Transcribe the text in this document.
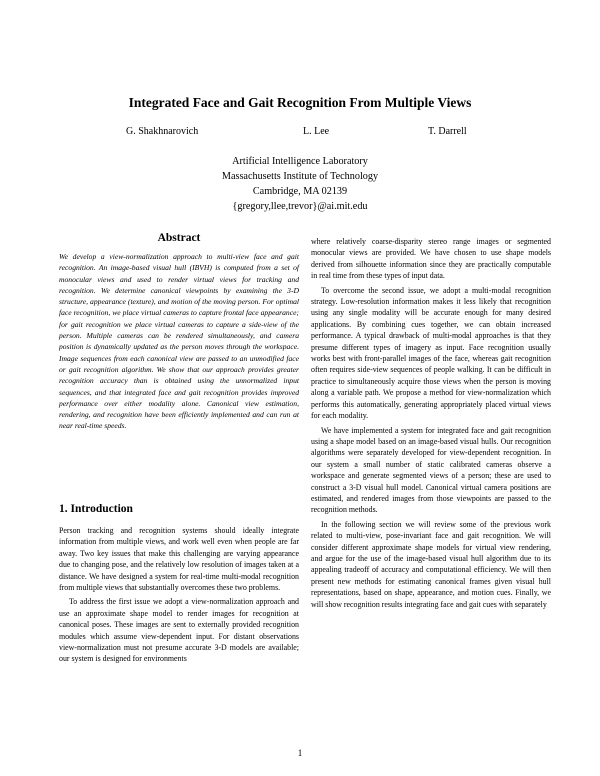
Integrated Face and Gait Recognition From Multiple Views
G. Shakhnarovich	L. Lee	T. Darrell
Artificial Intelligence Laboratory
Massachusetts Institute of Technology
Cambridge, MA 02139
{gregory,llee,trevor}@ai.mit.edu
Abstract
We develop a view-normalization approach to multi-view face and gait recognition. An image-based visual hull (IBVH) is computed from a set of monocular views and used to render virtual views for tracking and recognition. We determine canonical viewpoints by examining the 3-D structure, appearance (texture), and motion of the moving person. For optimal face recognition, we place virtual cameras to capture frontal face appearance; for gait recognition we place virtual cameras to capture a side-view of the person. Multiple cameras can be rendered simultaneously, and camera position is dynamically updated as the person moves through the workspace. Image sequences from each canonical view are passed to an unmodified face or gait recognition algorithm. We show that our approach provides greater recognition accuracy than is obtained using the unnormalized input sequences, and that integrated face and gait recognition provides improved performance over either modality alone. Canonical view estimation, rendering, and recognition have been efficiently implemented and can run at near real-time speeds.
1. Introduction

Person tracking and recognition systems should ideally integrate information from multiple views, and work well even when people are far away. Two key issues that make this challenging are varying appearance due to changing pose, and the relatively low resolution of images taken at a distance. We have designed a system for real-time multi-modal recognition from multiple views that substantially overcomes these two problems.

To address the first issue we adopt a view-normalization approach and use an approximate shape model to render images for recognition at canonical poses. These images are sent to externally provided recognition modules which assume view-dependent input. For distant observations view-normalization must not presume accurate 3-D models are available; our system is designed for environments

where relatively coarse-disparity stereo range images or segmented monocular views are provided. We have chosen to use shape models derived from silhouette information since they are practically computable in real time from these types of input data.

To overcome the second issue, we adopt a multi-modal recognition strategy. Low-resolution information makes it less likely that recognition using any single modality will be accurate enough for many desired applications. By combining cues together, we can obtain increased performance. A typical drawback of multi-modal approaches is that they presume different types of imagery as input. Face recognition usually works best with front-parallel images of the face, whereas gait recognition often requires side-view sequences of people walking. It can be difficult in practice to simultaneously acquire those views when the person is moving along a variable path. We propose a method for view-normalization which performs this automatically, generating appropriately placed virtual views for each modality.

We have implemented a system for integrated face and gait recognition using a shape model based on an image-based visual hulls. Our recognition algorithms were separately developed for view-dependent recognition. In our system a small number of static calibrated cameras observe a workspace and generate segmented views of a person; these are used to construct a 3-D visual hull model. Canonical virtual camera positions are estimated, and rendered images from those viewpoints are passed to the recognition methods.

In the following section we will review some of the previous work related to multi-view, pose-invariant face and gait recognition. We will consider different approximate shape models for virtual view rendering, and argue for the use of the image-based visual hull algorithm due to its appealing tradeoff of accuracy and computational efficiency. We will then present new methods for estimating canonical frames given visual hull representations, based on shape, appearance, and motion cues. Finally, we will show recognition results integrating face and gait cues with separately

1
